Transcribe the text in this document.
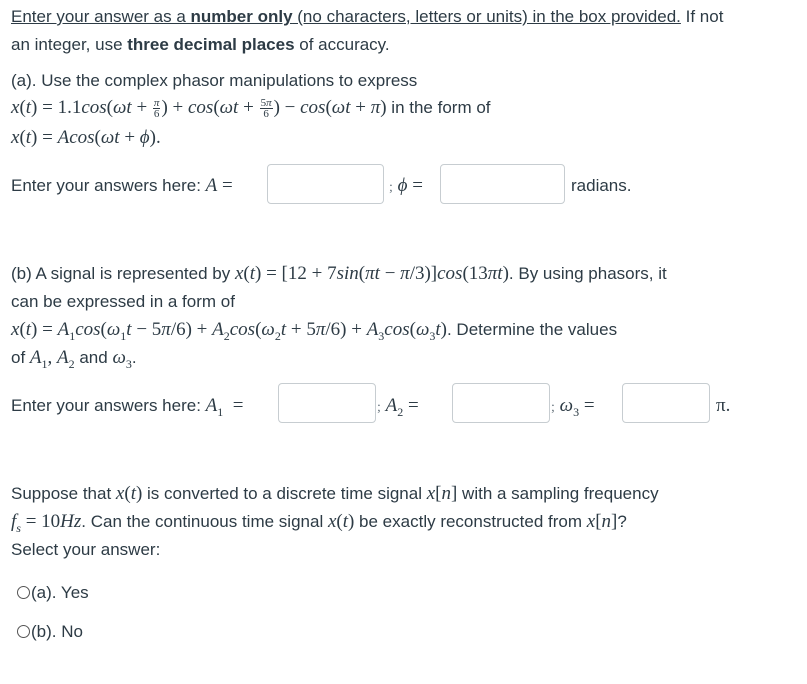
Enter your answer as a number only (no characters, letters or units) in the box provided. If not
an integer, use three decimal places of accuracy.
(a). Use the complex phasor manipulations to express
$x(t) = 1.1\cos(\omega t + \frac{\pi}{6}$ ) + $\cos(\omega t + \frac{5\pi}{6}$ ) − cos(ωt + π) in the form of
x(t) = Acos(ωt + ϕ).
Enter your answers here: A =	; ϕ =	radians.
(b) A signal is represented by x(t) = [12 + 7sin(πt − π/3)]cos(13πt). By using phasors, it
can be expressed in a form of
$x(t) = A_1\cos(\omega_1t - 5\pi/6) + A_2\cos(\omega_2t + 5\pi/6) + A_3\cos(\omega_3t)$. Determine the values
of $A_1$, $A_2$ and $\omega_3$.
Enter your answers here: $A_1$  =	; $A_2$ =	; $\omega_3$ =	π.
Suppose that x(t) is converted to a discrete time signal x[n] with a sampling frequency
$f_s = 10Hz$. Can the continuous time signal x(t) be exactly reconstructed from x[n]?
Select your answer:
(a). Yes
(b). No
